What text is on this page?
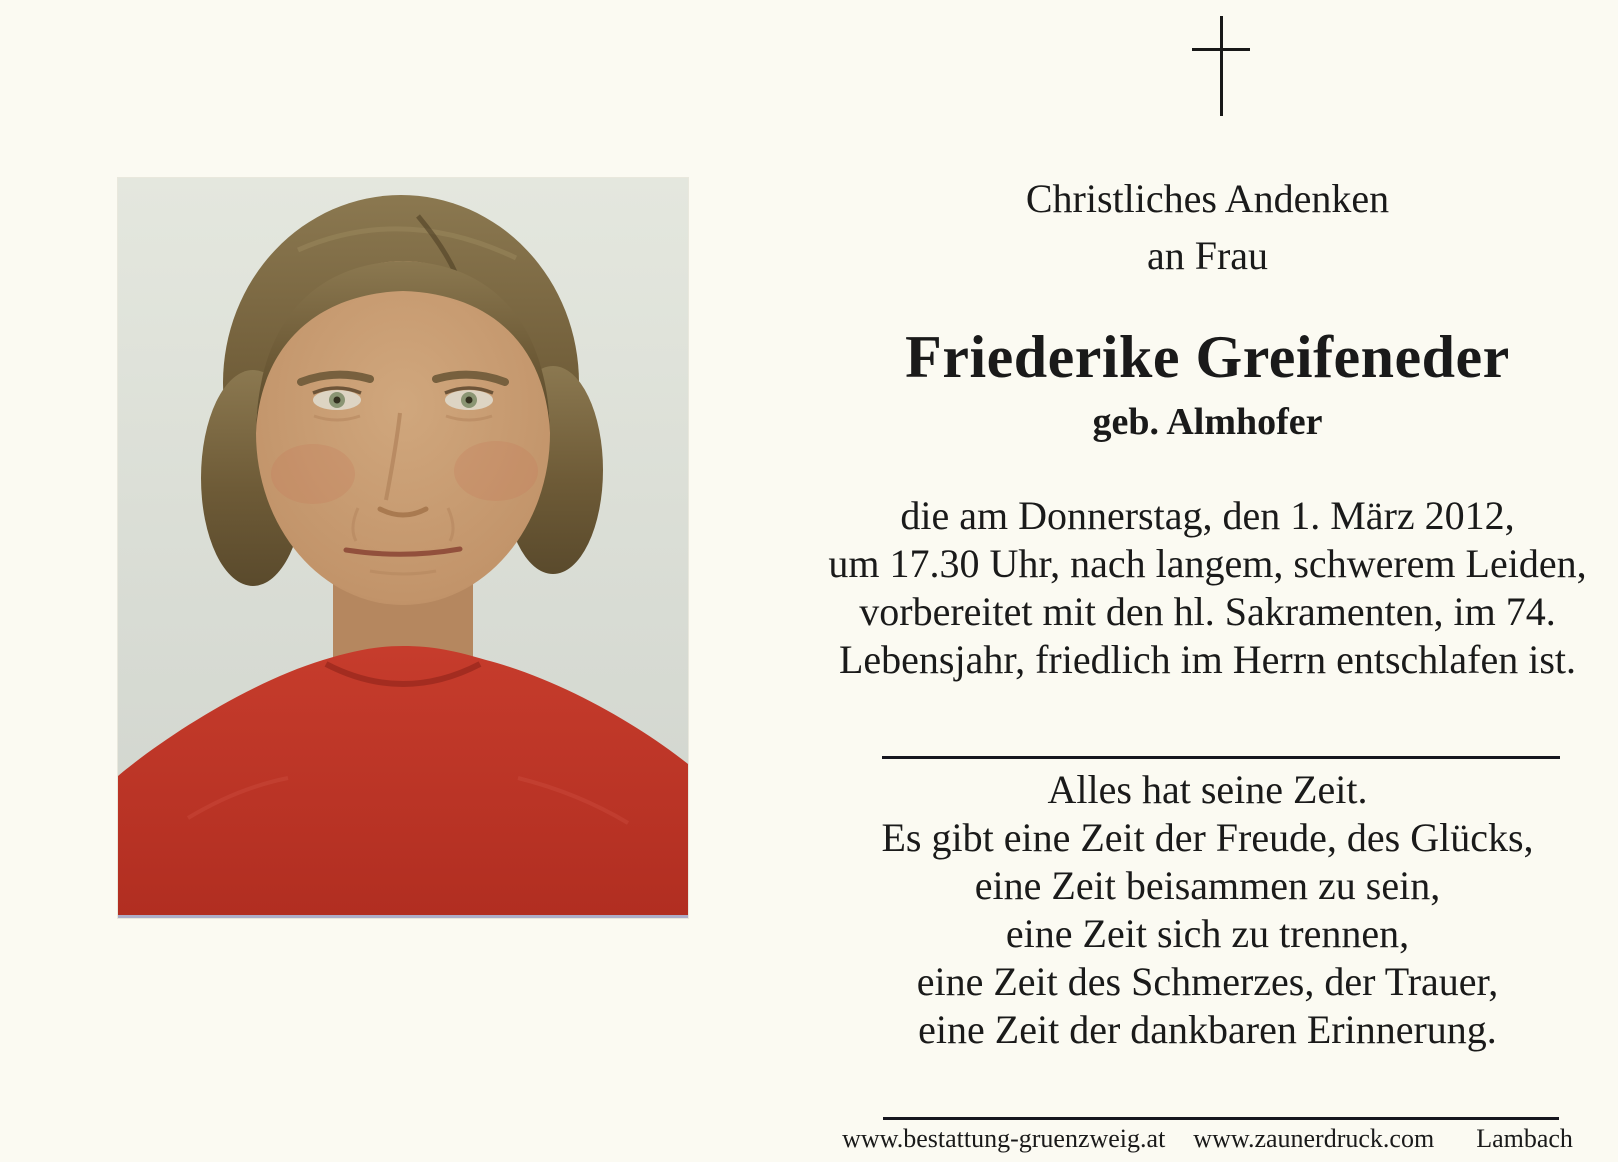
Christliches Andenken
an Frau
Friederike Greifeneder
geb. Almhofer
die am Donnerstag, den 1. März 2012,
um 17.30 Uhr, nach langem, schwerem Leiden,
vorbereitet mit den hl. Sakramenten, im 74.
Lebensjahr, friedlich im Herrn entschlafen ist.
Alles hat seine Zeit.
Es gibt eine Zeit der Freude, des Glücks,
eine Zeit beisammen zu sein,
eine Zeit sich zu trennen,
eine Zeit des Schmerzes, der Trauer,
eine Zeit der dankbaren Erinnerung.
www.bestattung-gruenzweig.at www.zaunerdruck.com Lambach
